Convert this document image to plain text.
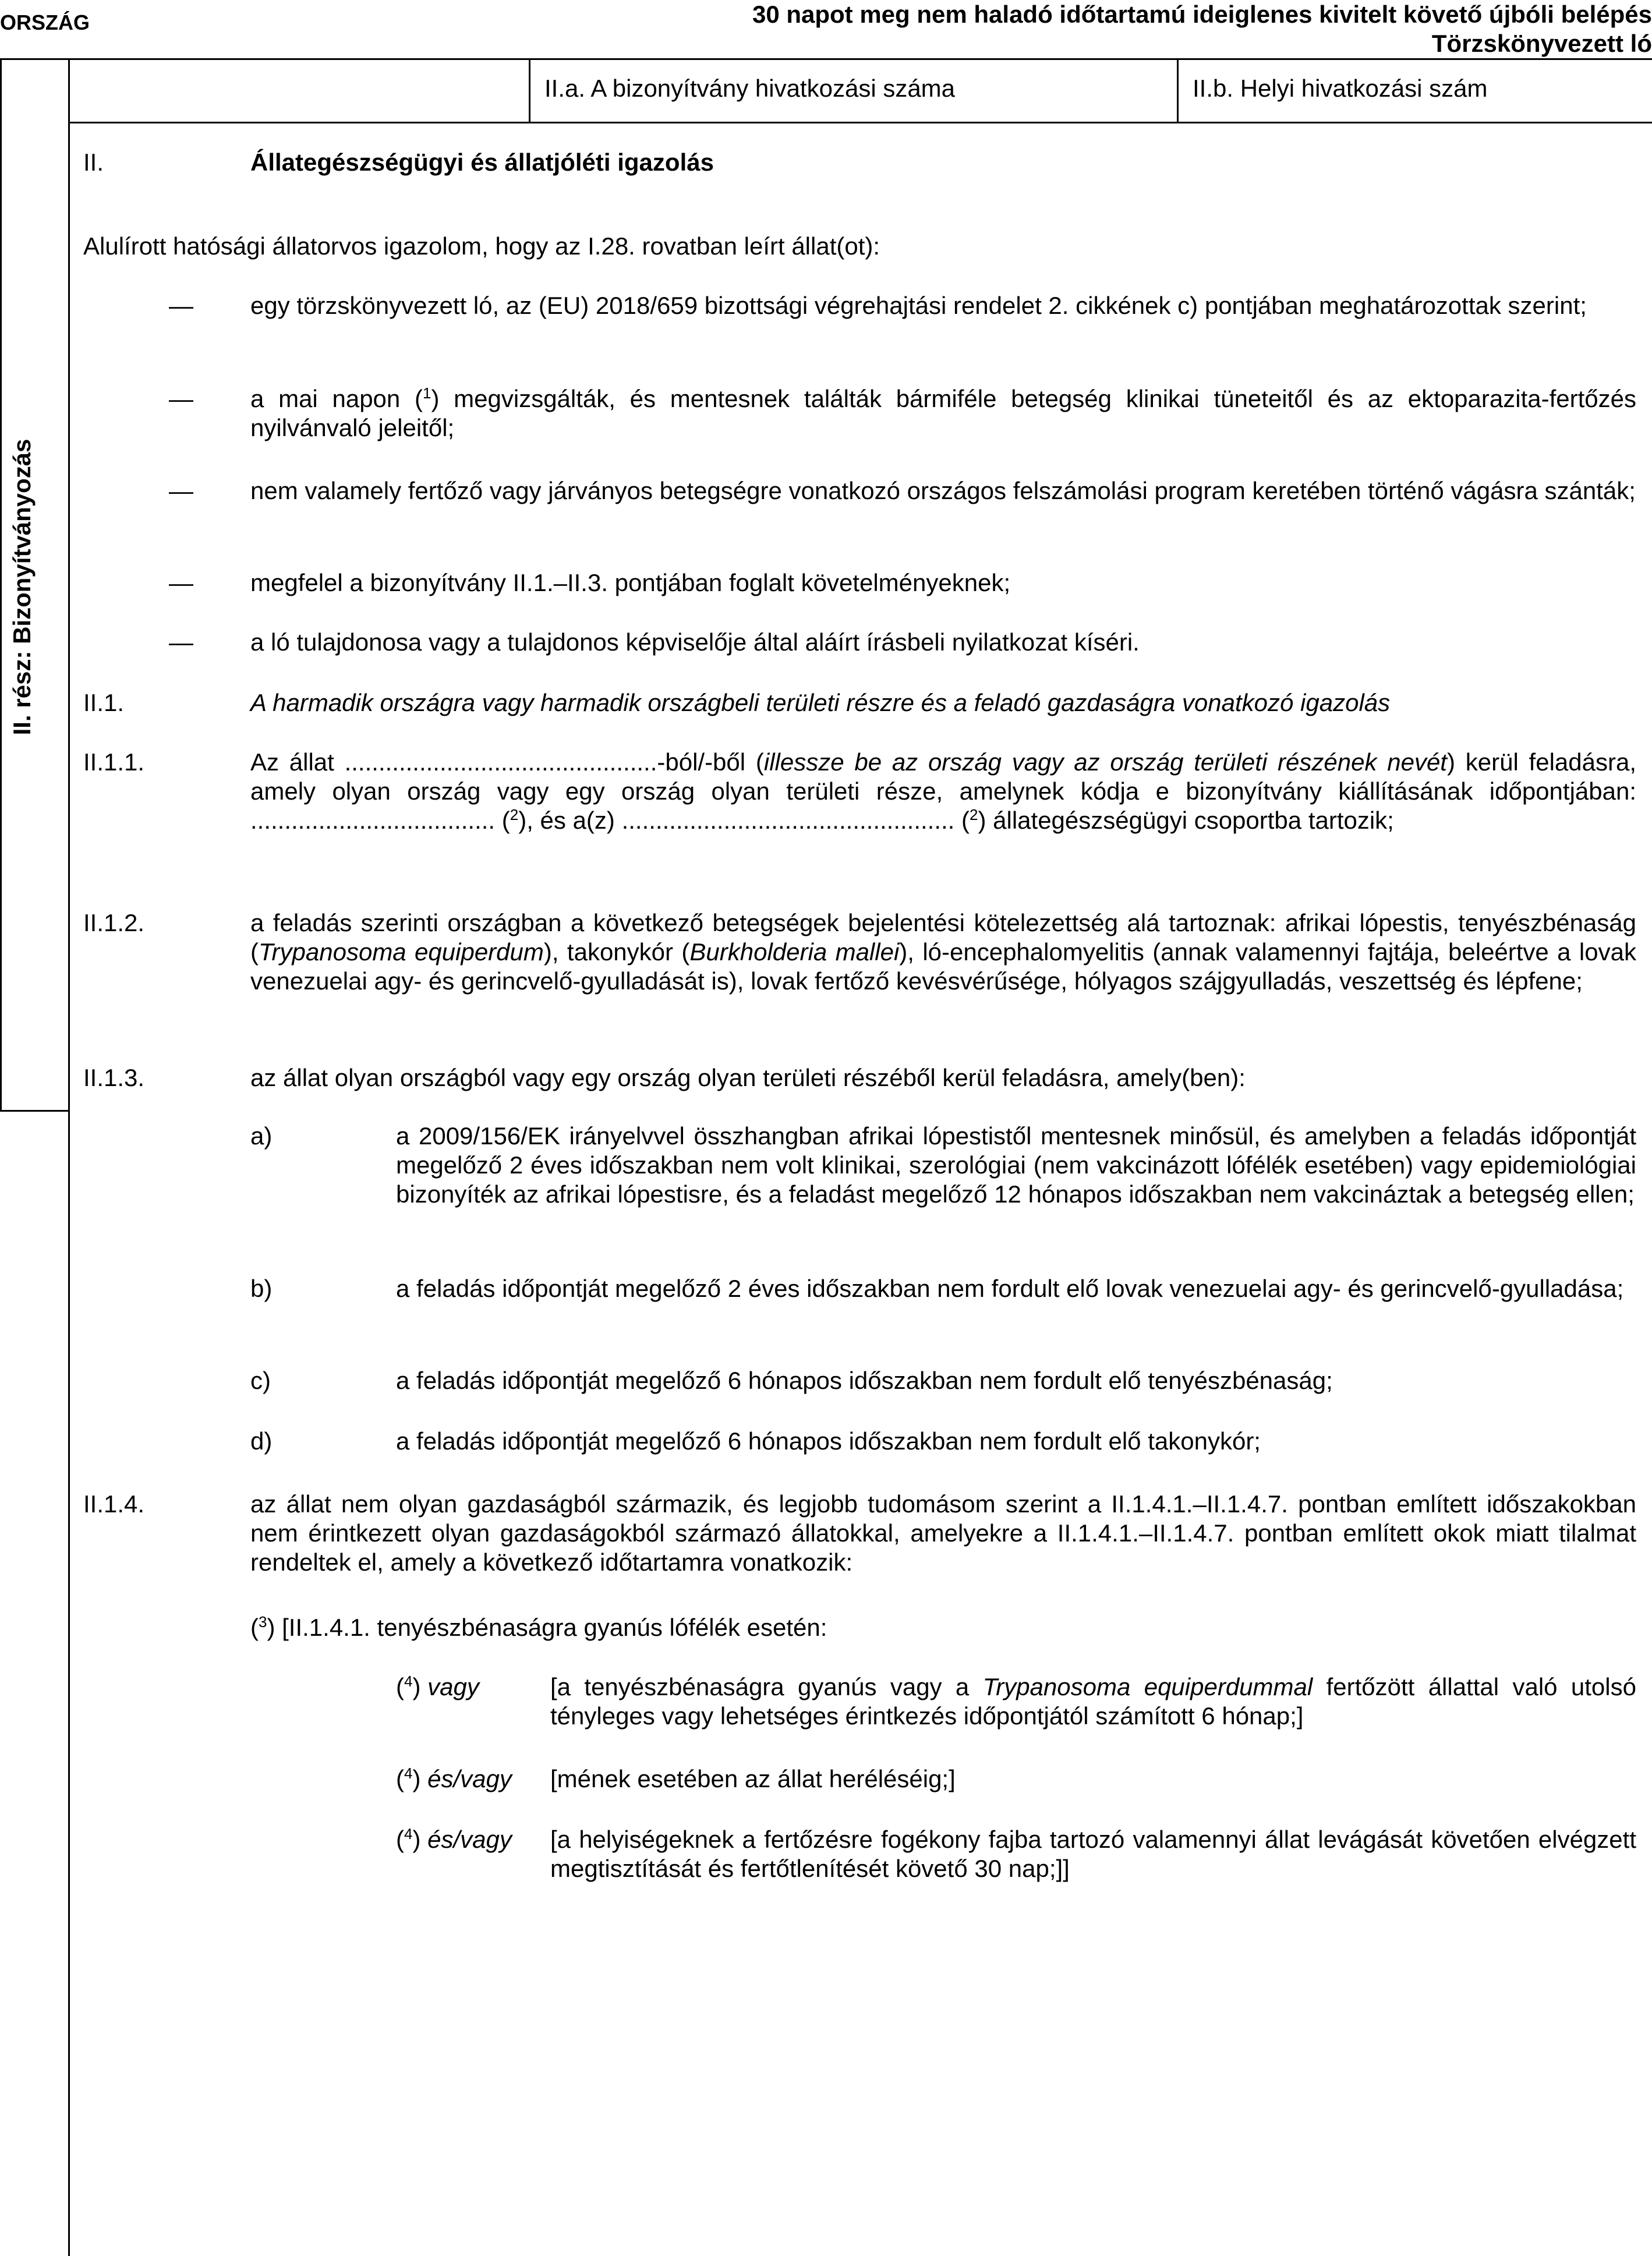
ORSZÁG	30 napot meg nem haladó időtartamú ideiglenes kivitelt követő újbóli belépés
Törzskönyvezett ló
II.a. A bizonyítvány hivatkozási száma	II.b. Helyi hivatkozási szám
II. rész: Bizonyítványozás
II.	Állategészségügyi és állatjóléti igazolás
Alulírott hatósági állatorvos igazolom, hogy az I.28. rovatban leírt állat(ot):
— egy törzskönyvezett ló, az (EU) 2018/659 bizottsági végrehajtási rendelet 2. cikkének c) pontjában meghatározottak szerint;
— a mai napon ($^1$) megvizsgálták, és mentesnek találták bármiféle betegség klinikai tüneteitől és az ektoparazita-fertőzés nyilvánvaló jeleitől;
— nem valamely fertőző vagy járványos betegségre vonatkozó országos felszámolási program keretében történő vágásra szánták;
— megfelel a bizonyítvány II.1.–II.3. pontjában foglalt követelményeknek;
— a ló tulajdonosa vagy a tulajdonos képviselője által aláírt írásbeli nyilatkozat kíséri.
II.1.	A harmadik országra vagy harmadik országbeli területi részre és a feladó gazdaságra vonatkozó igazolás
II.1.1.	Az állat ..............................................-ból/-ből (illessze be az ország vagy az ország területi részének nevét) kerül feladásra, amely olyan ország vagy egy ország olyan területi része, amelynek kódja e bizonyítvány kiállításának időpontjában: .................................... ($^2$), és a(z) ................................................. ($^2$) állategészségügyi csoportba tartozik;
II.1.2.	a feladás szerinti országban a következő betegségek bejelentési kötelezettség alá tartoznak: afrikai lópestis, tenyészbénaság (Trypanosoma equiperdum), takonykór (Burkholderia mallei), ló-encephalomyelitis (annak valamennyi fajtája, beleértve a lovak venezuelai agy- és gerincvelő-gyulladását is), lovak fertőző kevésvérűsége, hólyagos szájgyulladás, veszettség és lépfene;
II.1.3.	az állat olyan országból vagy egy ország olyan területi részéből kerül feladásra, amely(ben):
a)	a 2009/156/EK irányelvvel összhangban afrikai lópestistől mentesnek minősül, és amelyben a feladás időpontját megelőző 2 éves időszakban nem volt klinikai, szerológiai (nem vakcinázott lófélék esetében) vagy epidemiológiai bizonyíték az afrikai lópestisre, és a feladást megelőző 12 hónapos időszakban nem vakcináztak a betegség ellen;
b)	a feladás időpontját megelőző 2 éves időszakban nem fordult elő lovak venezuelai agy- és gerincvelő-gyulladása;
c)	a feladás időpontját megelőző 6 hónapos időszakban nem fordult elő tenyészbénaság;
d)	a feladás időpontját megelőző 6 hónapos időszakban nem fordult elő takonykór;
II.1.4.	az állat nem olyan gazdaságból származik, és legjobb tudomásom szerint a II.1.4.1.–II.1.4.7. pontban említett időszakokban nem érintkezett olyan gazdaságokból származó állatokkal, amelyekre a II.1.4.1.–II.1.4.7. pontban említett okok miatt tilalmat rendeltek el, amely a következő időtartamra vonatkozik:
($^3$) [II.1.4.1. tenyészbénaságra gyanús lófélék esetén:
($^4$) vagy	[a tenyészbénaságra gyanús vagy a Trypanosoma equiperdummal fertőzött állattal való utolsó tényleges vagy lehetséges érintkezés időpontjától számított 6 hónap;]
($^4$) és/vagy [mének esetében az állat heréléséig;]
($^4$) és/vagy [a helyiségeknek a fertőzésre fogékony fajba tartozó valamennyi állat levágását követően elvégzett megtisztítását és fertőtlenítését követő 30 nap;]]
